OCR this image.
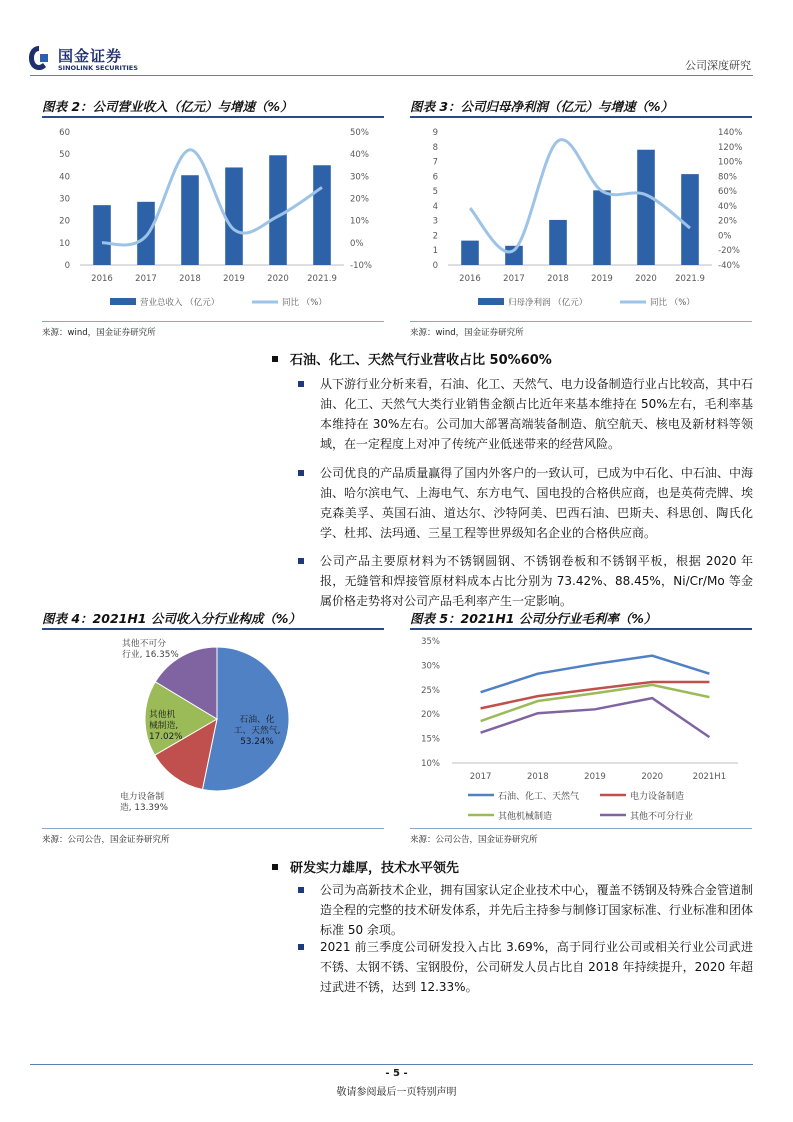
国金证券
SINOLINK SECURITIES	公司深度研究
图表 2：公司营业收入（亿元）与增速（%）
0
10
20
30
40
50
60
-10%
0%
10%
20%
30%
40%
50%
2016	2017	2018	2019	2020 2021.9
营业总收入 （亿元）	同比 （%）
来源：wind，国金证券研究所
图表 3：公司归母净利润（亿元）与增速（%）
0
1
2
3
4
5
6
7
8
9
-40%
-20%
0%
20%
40%
60%
80%
100%
120%
140%
2016	2017	2018	2019	2020 2021.9
归母净利润 （亿元）	同比 （%）
来源：wind，国金证券研究所
石油、化工、天然气行业营收占比 50%60%
从下游行业分析来看，石油、化工、天然气、电力设备制造行业占比较高，其中石油、化工、天然气大类行业销售金额占比近年来基本维持在 50%左右，毛利率基本维持在 30%左右。公司加大部署高端装备制造、航空航天、核电及新材料等领域，在一定程度上对冲了传统产业低迷带来的经营风险。
公司优良的产品质量赢得了国内外客户的一致认可，已成为中石化、中石油、中海油、哈尔滨电气、上海电气、东方电气、国电投的合格供应商，也是英荷壳牌、埃克森美孚、英国石油、道达尔、沙特阿美、巴西石油、巴斯夫、科思创、陶氏化学、杜邦、法玛通、三星工程等世界级知名企业的合格供应商。
公司产品主要原材料为不锈钢圆钢、不锈钢卷板和不锈钢平板，根据 2020 年报，无缝管和焊接管原材料成本占比分别为 73.42%、88.45%，Ni/Cr/Mo 等金属价格走势将对公司产品毛利率产生一定影响。
图表 4：2021H1 公司收入分行业构成（%）
石油、化
工、天然气,
53.24%
电力设备制
造, 13.39%
其他机
械制造,
17.02%
其他不可分
行业, 16.35%
来源：公司公告，国金证券研究所
图表 5：2021H1 公司分行业毛利率（%）
10%
15%
20%
25%
30%
35%
2017	2018	2019	2020	2021H1
石油、化工、天然气	电力设备制造
其他机械制造	其他不可分行业
来源：公司公告，国金证券研究所
研发实力雄厚，技术水平领先
公司为高新技术企业，拥有国家认定企业技术中心，覆盖不锈钢及特殊合金管道制造全程的完整的技术研发体系，并先后主持参与制修订国家标准、行业标准和团体标准 50 余项。
2021 前三季度公司研发投入占比 3.69%，高于同行业公司或相关行业公司武进不锈、太钢不锈、宝钢股份，公司研发人员占比自 2018 年持续提升，2020 年超过武进不锈，达到 12.33%。
- 5 -
敬请参阅最后一页特别声明
